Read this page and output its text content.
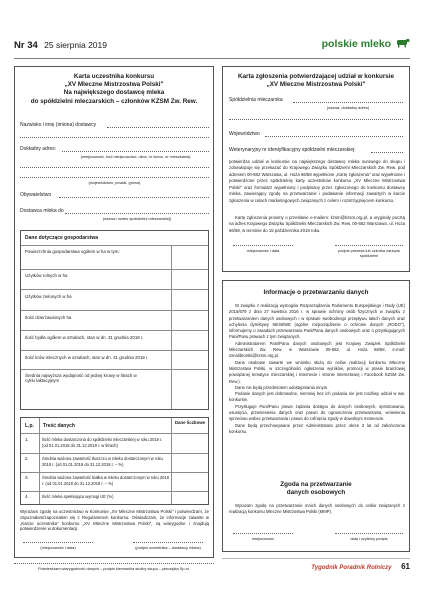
Nr 34 25 sierpnia 2019	polskie mleko
Karta uczestnika konkursu
„XV Mleczne Mistrzostwa Polski"
Na największego dostawcę mleka
do spółdzielni mleczarskich – członków KZSM Zw. Rew.
Nazwisko i imię (imiona) dostawcy
Dokładny adres:
(miejscowość, kod miejscowości, ulica, nr domu, nr mieszkania)
(województwo, powiat, gmina)
Obywatelstwo
Dostawca mleka do
(nazwa i adres spółdzielni mleczarskiej)
Dane dotyczące gospodarstwa
Powierzchnia gospodarstwa ogółem w ha w tym:
Użytków rolnych w ha
Użytków zielonych w ha
Ilość dzierżawionych ha
Ilość bydła ogółem w sztukach, stan w dn. 31 grudnia 2018 r.
Ilość krów mlecznych w sztukach, stan w dn. 31 grudnia 2018 r.
Średnia najwyższa wydajność od jednej krowy w litrach w cyklu laktacyjnym
L.p. Treść danych
Dane liczbowe
1.	Ilość mleka dostarczona do spółdzielni mleczarskiej w roku 2018 r. (od 01.01.2018 do 31.12.2018 r. w litrach)
2.	Średnia ważona zawartość tłuszczu w mleku dostarczonym w roku 2018 r. (od 01.01.2018 do 31.12.2018 r. – %)
3.	Średnia ważona zawartość białka w mleku dostarczonym w roku 2018 r. (od 01.01.2018 do 31.12.2018 r. – %)
4.	Ilość mleka spełniająca wymogi UE (%)
Wyrażam zgodę na uczestnictwo w Konkursie „XV Mleczne Mistrzostwa Polski" i potwierdzam, że zapoznałam/zapoznałem się z Regulaminem konkursu. Oświadczam, że informacje zawarte w „Karcie uczestnika" konkursu „XV Mleczne Mistrzostwa Polski", są wiarygodne i znajdują potwierdzenie w dokumentacji.
(miejscowość i data)	(podpis uczestnika – dostawcy mleka)
Potwierdzam wiarygodność danych – podpis kierownika służby skupu – pieczątka Sp-ni.
Karta zgłoszenia potwierdzającej udział w konkursie
„XV Mleczne Mistrzostwa Polski"
Spółdzielnia mleczarska
(nazwa, dokładny adres)
Województwo
Weterynaryjny nr identyfikacyjny spółdzielni mleczarskiej:
potwierdza udział w konkursie na największego dostawcę mleka surowego do skupu i zobowiązuje się przekazać do Krajowego Związku Spółdzielni Mleczarskich Zw. Rew. pod adresem 00-682 Warszawa, ul. Hoża 66/68 wypełnione „Kartę zgłoszenia" oraz wypełnione i potwierdzone przez spółdzielnię karty uczestników konkursu „XV Mleczne Mistrzostwa Polski" oraz formularz wypełniony i podpisany przez zgłoszonego do konkursu dostawcę mleka, zawierający zgodę na przetwarzanie i podawanie informacji zawartych w karcie zgłoszenia w celach marketingowych związanych z celem i rozstrzygnięciem konkursu.
Kartę zgłoszenia prosimy o przesłanie e-mailem: kzsm@kzsm.org.pl, a oryginały pocztą na adres Krajowego Związku Spółdzielni Mleczarskich Zw. Rew. 00-682 Warszawa, ul. Hoża 66/68, w terminie do 15 października 2019 roku.
miejscowość i data	podpis prezesa lub członka zarządu spółdzielni
Informacje o przetwarzaniu danych

W związku z realizacją wymogów Rozporządzenia Parlamentu Europejskiego i Rady (UE) 2016/679 z dnia 27 kwietnia 2016 r. w sprawie ochrony osób fizycznych w związku z przetwarzaniem danych osobowych i w sprawie swobodnego przepływu takich danych oraz uchylenia dyrektywy 95/46/WE (ogólne rozporządzenie o ochronie danych „RODO"), informujemy o zasadach przetwarzania Pani/Pana danych osobowych oraz o przysługujących Pani/Panu prawach z tym związanych.

Administratorem Pani/Pana danych osobowych jest Krajowy Związek Spółdzielni Mleczarskich Zw. Rew. w Warszawie 00-682, ul. Hoża 66/68, e-mail: izmalibrorski@kzsm.org.pl.

Dane osobowe zawarte we wniosku służą do celów realizacji konkursu Mleczne Mistrzostwa Polski, w szczególności ogłoszenia wyników, promocji w prasie branżowej powiązanej tematyce mleczarskiej i Internecie i stronie internetowej i Facebook KZSM Zw. Rew.).

Dane nie będą przedmiotem udostępniania innym.

Podanie danych jest dobrowolne, niemniej bez ich podania nie jest możliwy udział w ww. konkursie.

Przysługuje Pani/Panu prawo żądania dostępu do danych osobowych, sprostowania, usunięcia, przeniesienia danych oraz prawo do ograniczenia przetwarzania, wniesienia sprzeciwu wobec przetwarzania i prawo do cofnięcia zgody w dowolnym momencie.

Dane będą przechowywane przez Administratora przez okres 3 lat od zakończenia konkursu.

Zgoda na przetwarzanie
danych osobowych
Wyrażam zgodę na przetwarzanie moich danych osobowych do celów związanych z realizacją konkursu Mleczne Mistrzostwa Polski (MMP).
miejscowość	data i czytelny podpis
Tygodnik Poradnik Rolniczy 61
